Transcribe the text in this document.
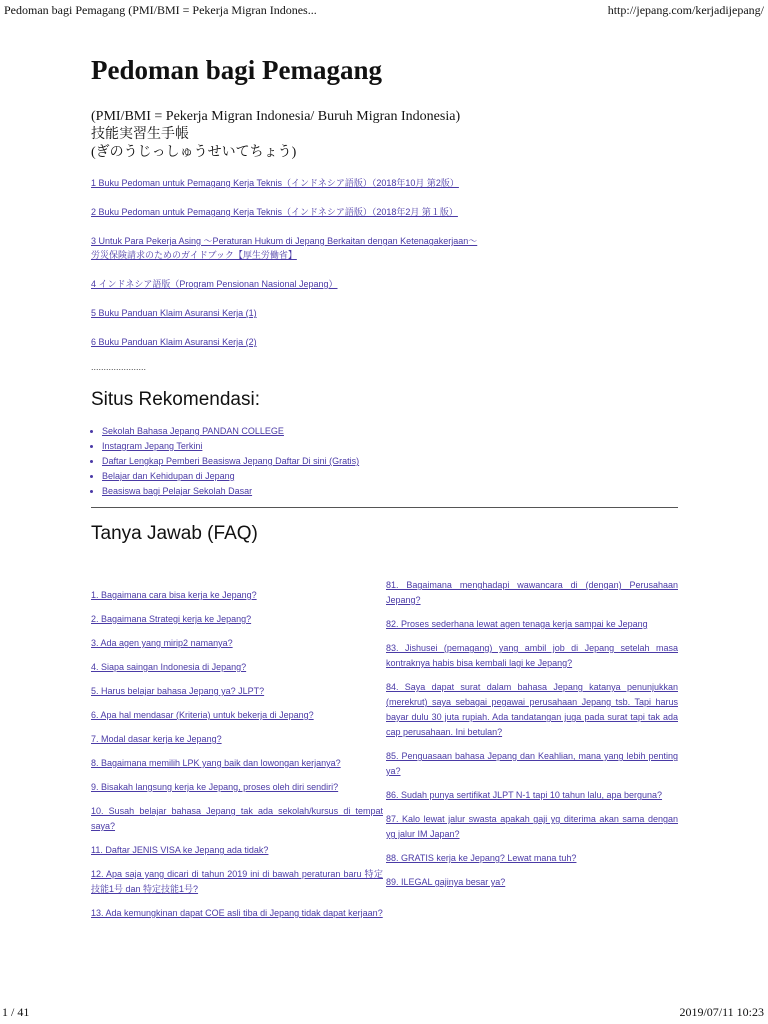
Pedoman bagi Pemagang (PMI/BMI = Pekerja Migran Indones...	http://jepang.com/kerjadijepang/
Pedoman bagi Pemagang
(PMI/BMI = Pekerja Migran Indonesia/ Buruh Migran Indonesia)
技能実習生手帳
(ぎのうじっしゅうせいてちょう)
1 Buku Pedoman untuk Pemagang Kerja Teknis（インドネシア語版）（2018年10月 第2版）
2 Buku Pedoman untuk Pemagang Kerja Teknis（インドネシア語版）（2018年2月 第１版）
3 Untuk Para Pekerja Asing ～Peraturan Hukum di Jepang Berkaitan dengan Ketenagakerjaan～
労災保険請求のためのガイドブック【厚生労働省】
4 インドネシア語版（Program Pensionan Nasional Jepang）
5 Buku Panduan Klaim Asuransi Kerja (1)
6 Buku Panduan Klaim Asuransi Kerja (2)
......................
Situs Rekomendasi:
• Sekolah Bahasa Jepang PANDAN COLLEGE
• Instagram Jepang Terkini
• Daftar Lengkap Pemberi Beasiswa Jepang Daftar Di sini (Gratis)
• Belajar dan Kehidupan di Jepang
• Beasiswa bagi Pelajar Sekolah Dasar
Tanya Jawab (FAQ)
1. Bagaimana cara bisa kerja ke Jepang?
2. Bagaimana Strategi kerja ke Jepang?
3. Ada agen yang mirip2 namanya?
4. Siapa saingan Indonesia di Jepang?
5. Harus belajar bahasa Jepang ya? JLPT?
6. Apa hal mendasar (Kriteria) untuk bekerja di Jepang?
7. Modal dasar kerja ke Jepang?
8. Bagaimana memilih LPK yang baik dan lowongan kerjanya?
9. Bisakah langsung kerja ke Jepang, proses oleh diri sendiri?
10. Susah belajar bahasa Jepang tak ada sekolah/kursus di tempat saya?
11. Daftar JENIS VISA ke Jepang ada tidak?
12. Apa saja yang dicari di tahun 2019 ini di bawah peraturan baru 特定技能1号 dan 特定技能1号?
13. Ada kemungkinan dapat COE asli tiba di Jepang tidak dapat kerjaan?
81. Bagaimana menghadapi wawancara di (dengan) Perusahaan Jepang?
82. Proses sederhana lewat agen tenaga kerja sampai ke Jepang
83. Jishusei (pemagang) yang ambil job di Jepang setelah masa kontraknya habis bisa kembali lagi ke Jepang?
84. Saya dapat surat dalam bahasa Jepang katanya penunjukkan (merekrut) saya sebagai pegawai perusahaan Jepang tsb. Tapi harus bayar dulu 30 juta rupiah. Ada tandatangan juga pada surat tapi tak ada cap perusahaan. Ini betulan?
85. Penguasaan bahasa Jepang dan Keahlian, mana yang lebih penting ya?
86. Sudah punya sertifikat JLPT N-1 tapi 10 tahun lalu, apa berguna?
87. Kalo lewat jalur swasta apakah gaji yg diterima akan sama dengan yg jalur IM Japan?
88. GRATIS kerja ke Jepang? Lewat mana tuh?
89. ILEGAL gajinya besar ya?
1 / 41	2019/07/11 10:23
